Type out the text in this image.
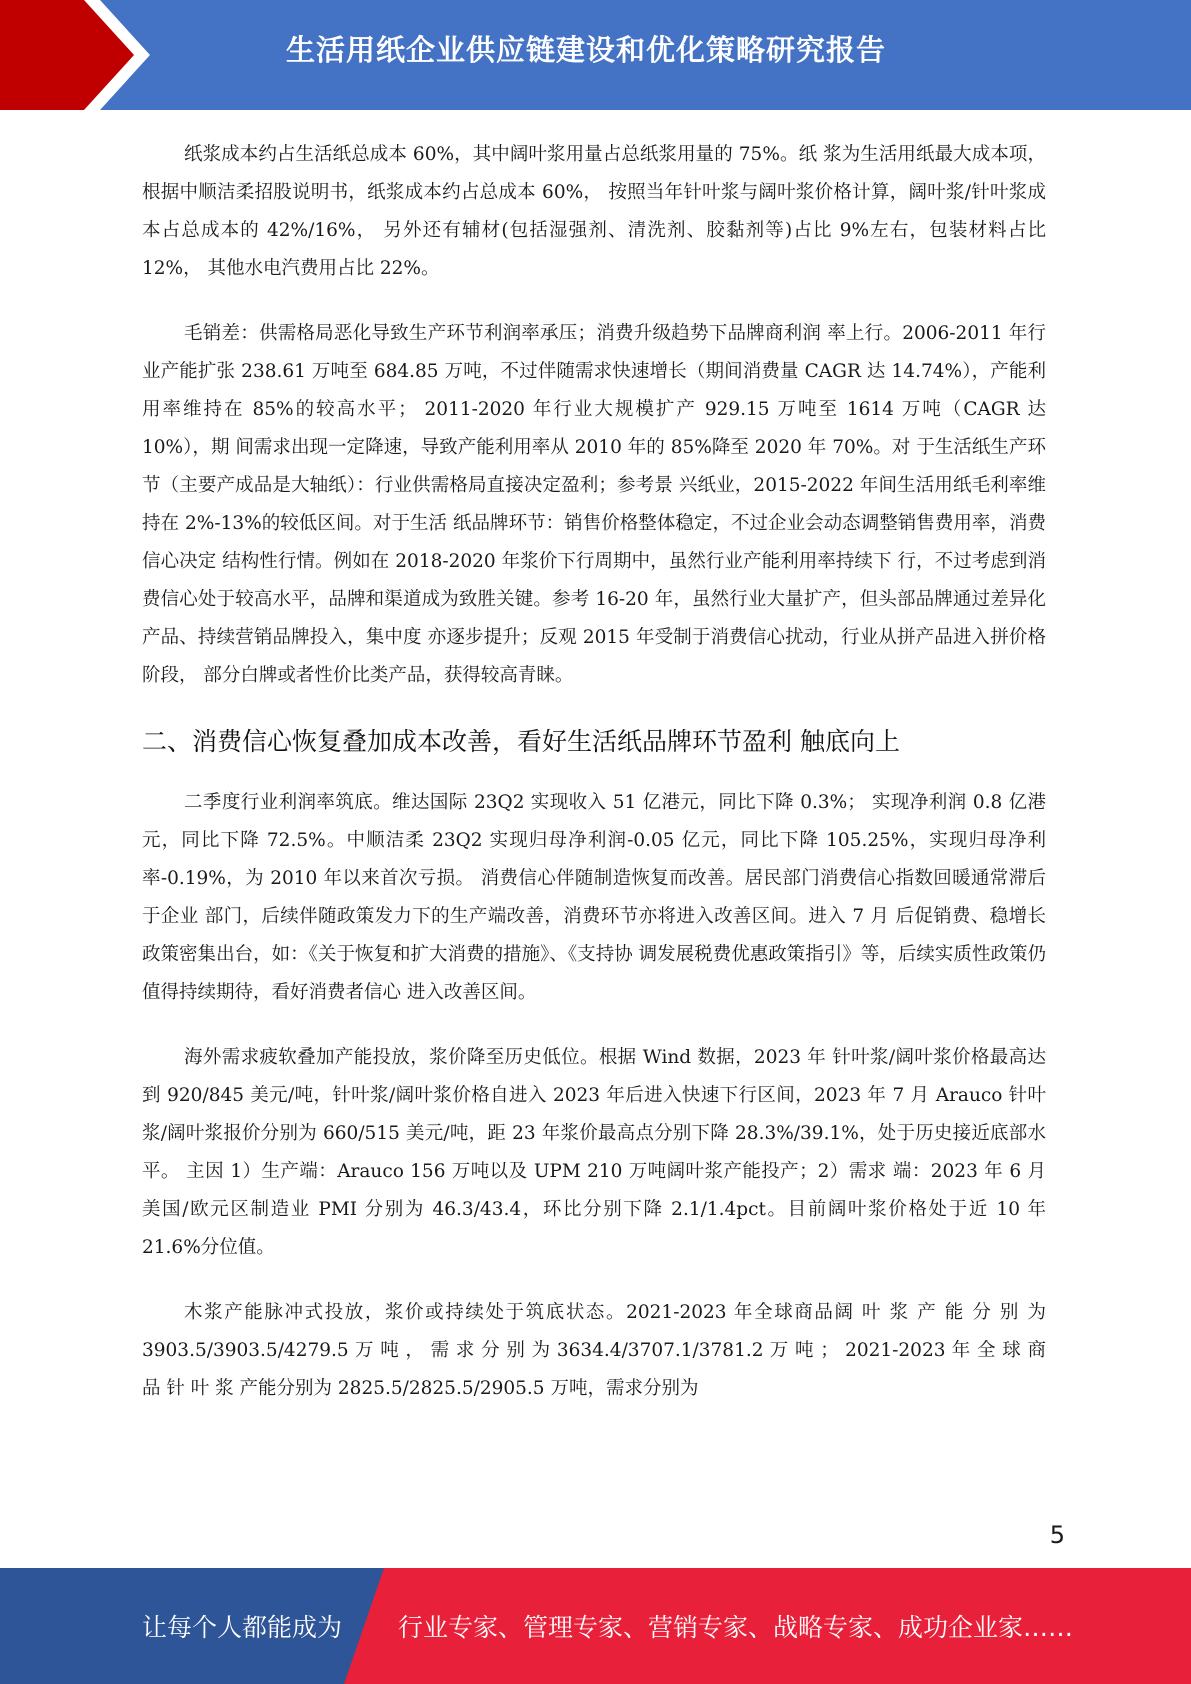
生活用纸企业供应链建设和优化策略研究报告

纸浆成本约占生活纸总成本 60%，其中阔叶浆用量占总纸浆用量的 75%。纸 浆为生活用纸最大成本项，根据中顺洁柔招股说明书，纸浆成本约占总成本 60%， 按照当年针叶浆与阔叶浆价格计算，阔叶浆/针叶浆成本占总成本的 42%/16%， 另外还有辅材(包括湿强剂、清洗剂、胶黏剂等)占比 9%左右，包装材料占比 12%， 其他水电汽费用占比 22%。

毛销差：供需格局恶化导致生产环节利润率承压；消费升级趋势下品牌商利润 率上行。2006-2011 年行业产能扩张 238.61 万吨至 684.85 万吨，不过伴随需求快速增长（期间消费量 CAGR 达 14.74%），产能利用率维持在 85%的较高水平； 2011-2020 年行业大规模扩产 929.15 万吨至 1614 万吨（CAGR 达 10%），期 间需求出现一定降速，导致产能利用率从 2010 年的 85%降至 2020 年 70%。对 于生活纸生产环节（主要产成品是大轴纸）：行业供需格局直接决定盈利；参考景 兴纸业，2015-2022 年间生活用纸毛利率维持在 2%-13%的较低区间。对于生活 纸品牌环节：销售价格整体稳定，不过企业会动态调整销售费用率，消费信心决定 结构性行情。例如在 2018-2020 年浆价下行周期中，虽然行业产能利用率持续下 行，不过考虑到消费信心处于较高水平，品牌和渠道成为致胜关键。参考 16-20 年，虽然行业大量扩产，但头部品牌通过差异化产品、持续营销品牌投入，集中度 亦逐步提升；反观 2015 年受制于消费信心扰动，行业从拼产品进入拼价格阶段， 部分白牌或者性价比类产品，获得较高青睐。

二、消费信心恢复叠加成本改善，看好生活纸品牌环节盈利 触底向上

二季度行业利润率筑底。维达国际 23Q2 实现收入 51 亿港元，同比下降 0.3%； 实现净利润 0.8 亿港元，同比下降 72.5%。中顺洁柔 23Q2 实现归母净利润-0.05 亿元，同比下降 105.25%，实现归母净利率-0.19%，为 2010 年以来首次亏损。 消费信心伴随制造恢复而改善。居民部门消费信心指数回暖通常滞后于企业 部门，后续伴随政策发力下的生产端改善，消费环节亦将进入改善区间。进入 7 月 后促销费、稳增长政策密集出台，如：《关于恢复和扩大消费的措施》、《支持协 调发展税费优惠政策指引》等，后续实质性政策仍值得持续期待，看好消费者信心 进入改善区间。

海外需求疲软叠加产能投放，浆价降至历史低位。根据 Wind 数据，2023 年 针叶浆/阔叶浆价格最高达到 920/845 美元/吨，针叶浆/阔叶浆价格自进入 2023 年后进入快速下行区间，2023 年 7 月 Arauco 针叶浆/阔叶浆报价分别为 660/515 美元/吨，距 23 年浆价最高点分别下降 28.3%/39.1%，处于历史接近底部水平。 主因 1）生产端：Arauco 156 万吨以及 UPM 210 万吨阔叶浆产能投产；2）需求 端：2023 年 6 月美国/欧元区制造业 PMI 分别为 46.3/43.4，环比分别下降 2.1/1.4pct。目前阔叶浆价格处于近 10 年 21.6%分位值。

木浆产能脉冲式投放，浆价或持续处于筑底状态。2021-2023 年全球商品阔 叶 浆 产 能 分 别 为 3903.5/3903.5/4279.5 万 吨 ， 需 求 分 别 为 3634.4/3707.1/3781.2 万 吨 ； 2021-2023 年 全 球 商 品 针 叶 浆 产能分别为 2825.5/2825.5/2905.5 万吨，需求分别为

5
让每个人都能成为 行业专家、管理专家、营销专家、战略专家、成功企业家……
